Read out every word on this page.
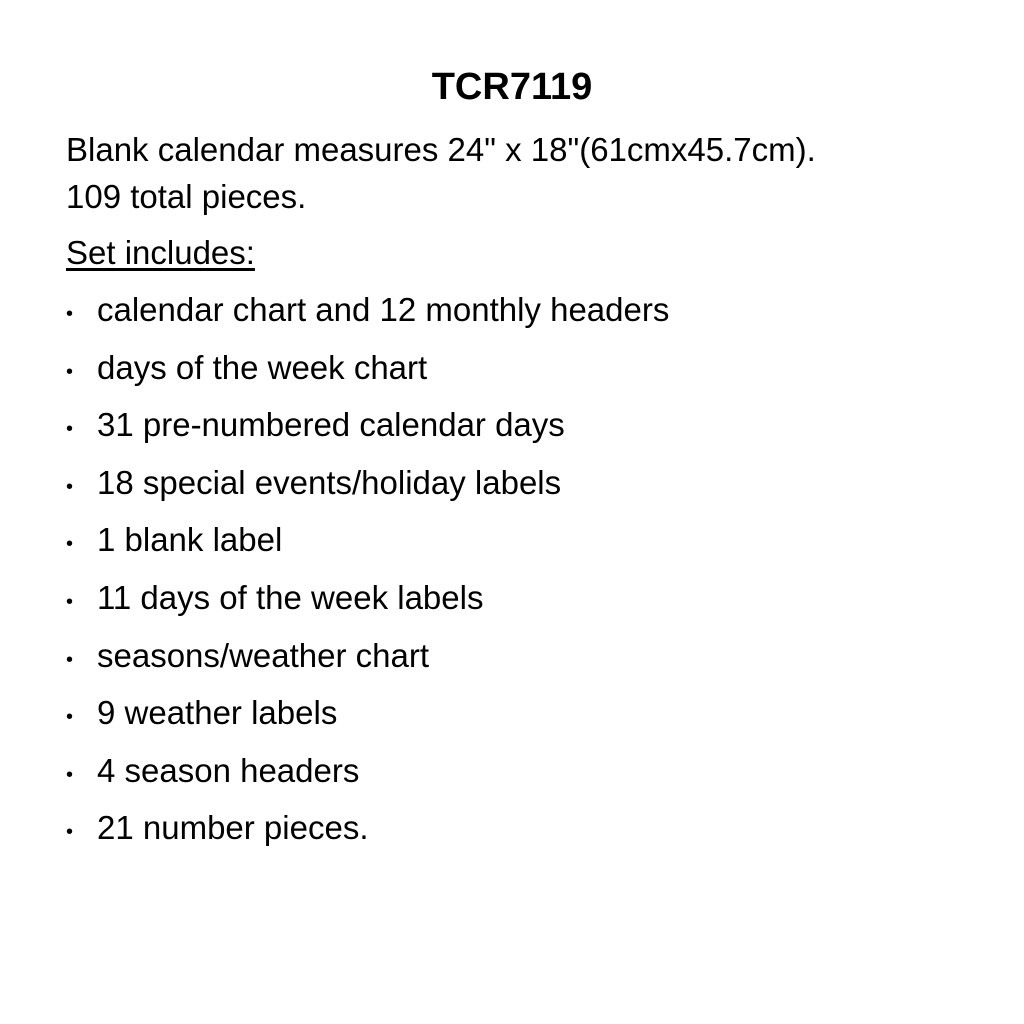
TCR7119

Blank calendar measures 24" x 18"(61cmx45.7cm).

109 total pieces.

Set includes:
• calendar chart and 12 monthly headers
• days of the week chart
• 31 pre-numbered calendar days
• 18 special events/holiday labels
• 1 blank label
• 11 days of the week labels
• seasons/weather chart
• 9 weather labels
• 4 season headers
• 21 number pieces.
